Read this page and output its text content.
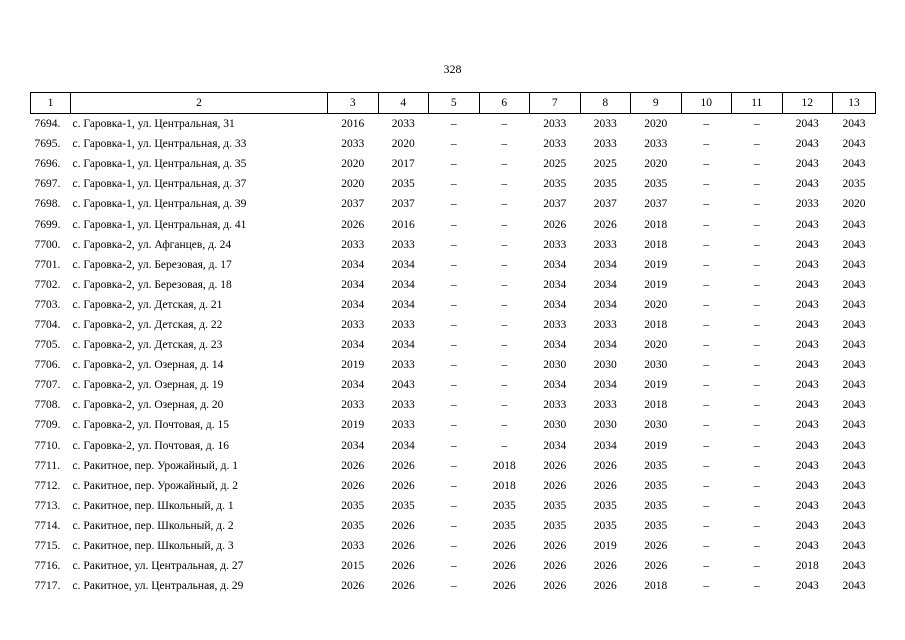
328
1	2	3	4	5	6	7	8	9	10	11	12	13
7694.	с. Гаровка-1, ул. Центральная, 31	2016	2033	–	–	2033	2033	2020	–	–	2043	2043
7695.	с. Гаровка-1, ул. Центральная, д. 33	2033	2020	–	–	2033	2033	2033	–	–	2043	2043
7696.	с. Гаровка-1, ул. Центральная, д. 35	2020	2017	–	–	2025	2025	2020	–	–	2043	2043
7697.	с. Гаровка-1, ул. Центральная, д. 37	2020	2035	–	–	2035	2035	2035	–	–	2043	2035
7698.	с. Гаровка-1, ул. Центральная, д. 39	2037	2037	–	–	2037	2037	2037	–	–	2033	2020
7699.	с. Гаровка-1, ул. Центральная, д. 41	2026	2016	–	–	2026	2026	2018	–	–	2043	2043
7700.	с. Гаровка-2, ул. Афганцев, д. 24	2033	2033	–	–	2033	2033	2018	–	–	2043	2043
7701.	с. Гаровка-2, ул. Березовая, д. 17	2034	2034	–	–	2034	2034	2019	–	–	2043	2043
7702.	с. Гаровка-2, ул. Березовая, д. 18	2034	2034	–	–	2034	2034	2019	–	–	2043	2043
7703.	с. Гаровка-2, ул. Детская, д. 21	2034	2034	–	–	2034	2034	2020	–	–	2043	2043
7704.	с. Гаровка-2, ул. Детская, д. 22	2033	2033	–	–	2033	2033	2018	–	–	2043	2043
7705.	с. Гаровка-2, ул. Детская, д. 23	2034	2034	–	–	2034	2034	2020	–	–	2043	2043
7706.	с. Гаровка-2, ул. Озерная, д. 14	2019	2033	–	–	2030	2030	2030	–	–	2043	2043
7707.	с. Гаровка-2, ул. Озерная, д. 19	2034	2043	–	–	2034	2034	2019	–	–	2043	2043
7708.	с. Гаровка-2, ул. Озерная, д. 20	2033	2033	–	–	2033	2033	2018	–	–	2043	2043
7709.	с. Гаровка-2, ул. Почтовая, д. 15	2019	2033	–	–	2030	2030	2030	–	–	2043	2043
7710.	с. Гаровка-2, ул. Почтовая, д. 16	2034	2034	–	–	2034	2034	2019	–	–	2043	2043
7711.	с. Ракитное, пер. Урожайный, д. 1	2026	2026	–	2018	2026	2026	2035	–	–	2043	2043
7712.	с. Ракитное, пер. Урожайный, д. 2	2026	2026	–	2018	2026	2026	2035	–	–	2043	2043
7713.	с. Ракитное, пер. Школьный, д. 1	2035	2035	–	2035	2035	2035	2035	–	–	2043	2043
7714.	с. Ракитное, пер. Школьный, д. 2	2035	2026	–	2035	2035	2035	2035	–	–	2043	2043
7715.	с. Ракитное, пер. Школьный, д. 3	2033	2026	–	2026	2026	2019	2026	–	–	2043	2043
7716.	с. Ракитное, ул. Центральная, д. 27	2015	2026	–	2026	2026	2026	2026	–	–	2018	2043
7717.	с. Ракитное, ул. Центральная, д. 29	2026	2026	–	2026	2026	2026	2018	–	–	2043	2043
